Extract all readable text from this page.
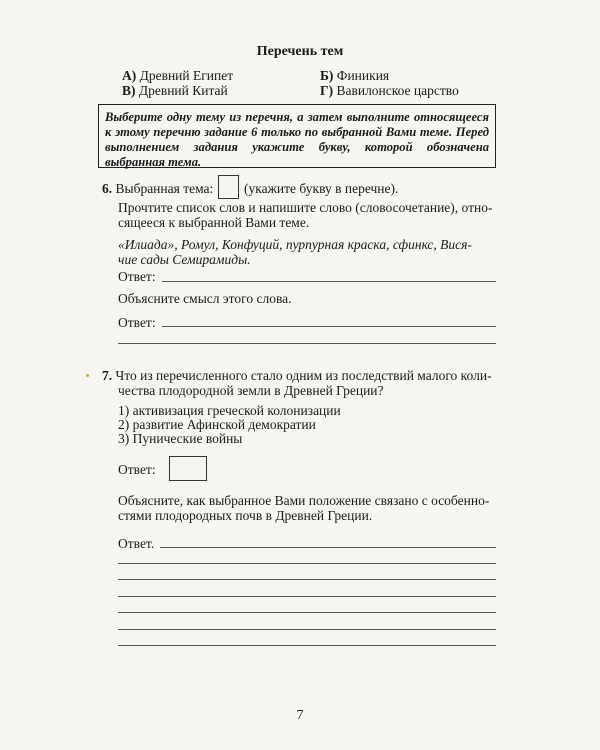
Перечень тем
А) Древний Египет	Б) Финикия
В) Древний Китай	Г) Вавилонское царство
Выберите одну тему из перечня, а затем выполните относящееся к этому перечню задание 6 только по выбранной Вами теме. Перед выполнением задания укажите букву, которой обозначена выбранная тема.
6. Выбранная тема: (укажите букву в перечне).
Прочтите список слов и напишите слово (словосочетание), отно-
сящееся к выбранной Вами теме.
«Илиада», Ромул, Конфуций, пурпурная краска, сфинкс, Вися-
чие сады Семирамиды.
Ответ:
Объясните смысл этого слова.
Ответ:
7. Что из перечисленного стало одним из последствий малого коли-
чества плодородной земли в Древней Греции?
1) активизация греческой колонизации
2) развитие Афинской демократии
3) Пунические войны
Ответ:
Объясните, как выбранное Вами положение связано с особенно-
стями плодородных почв в Древней Греции.
Ответ.
7
